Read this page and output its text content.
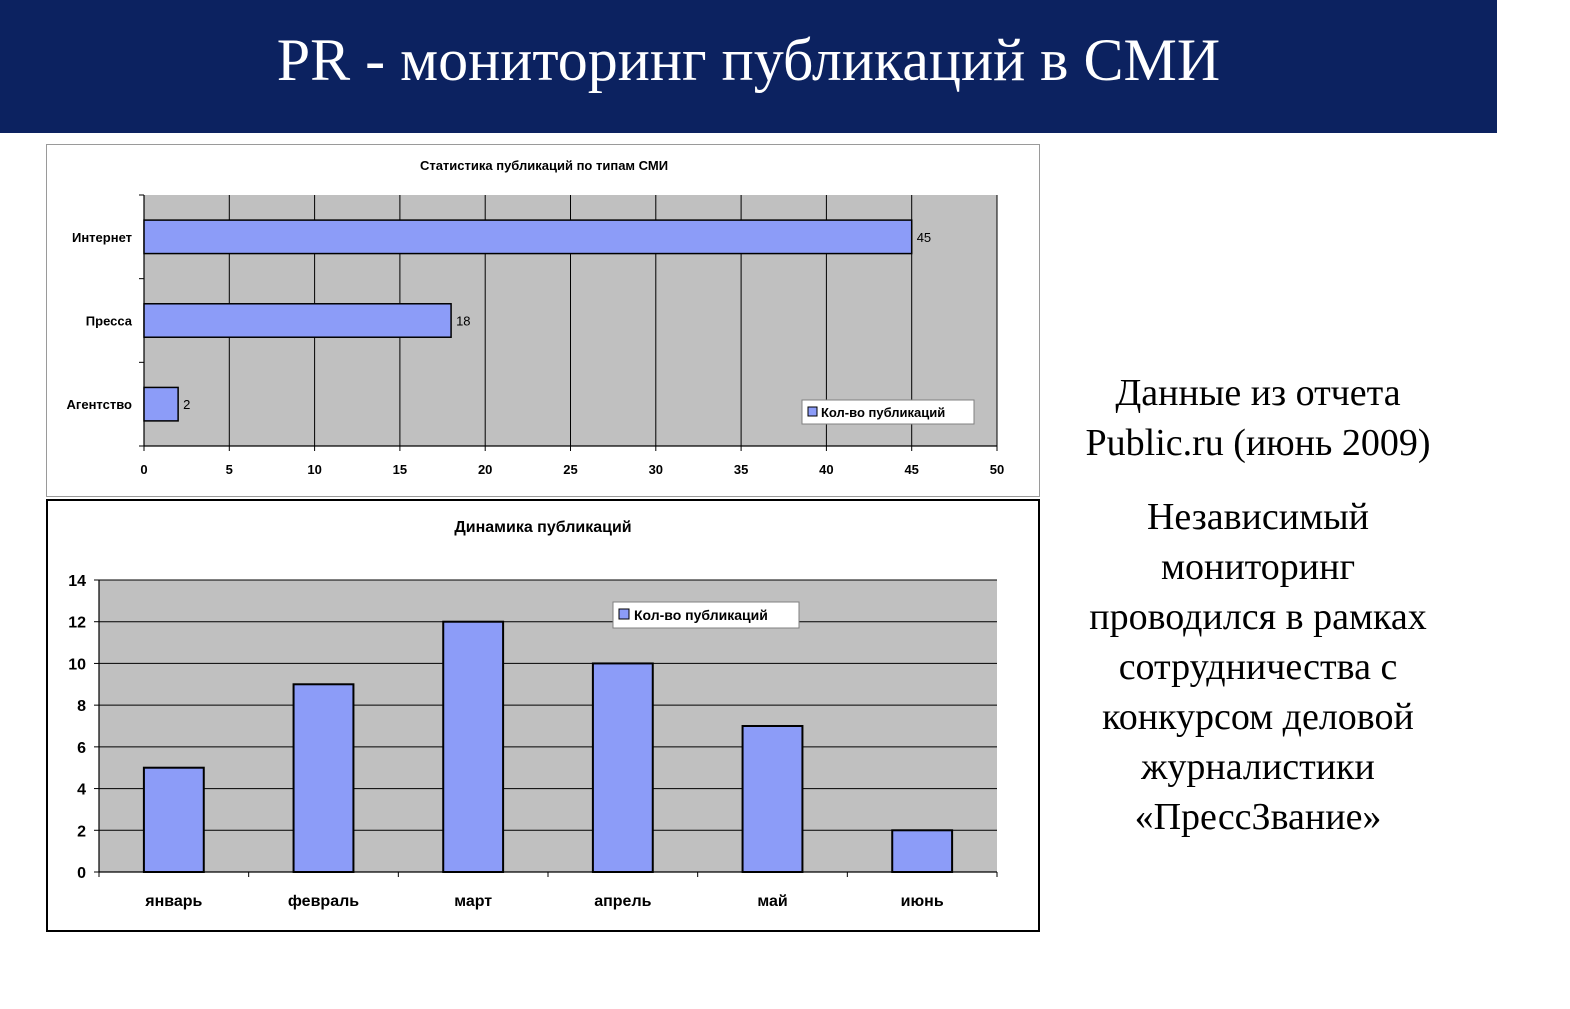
PR - мониторинг публикаций в СМИ
Статистика публикаций по типам СМИ
0	5	10	15	20	25	30	35	40	45	50
Интернет	45
Пресса	18
Агентство	2
Кол-во публикаций
Динамика публикаций
0
2
4
6
8
10
12
14
январь	февраль	март	апрель	май	июнь
Кол-во публикаций
Данные из отчета
Public.ru (июнь 2009)
Независимый
мониторинг
проводился в рамках
сотрудничества с
конкурсом деловой
журналистики
«ПрессЗвание»
